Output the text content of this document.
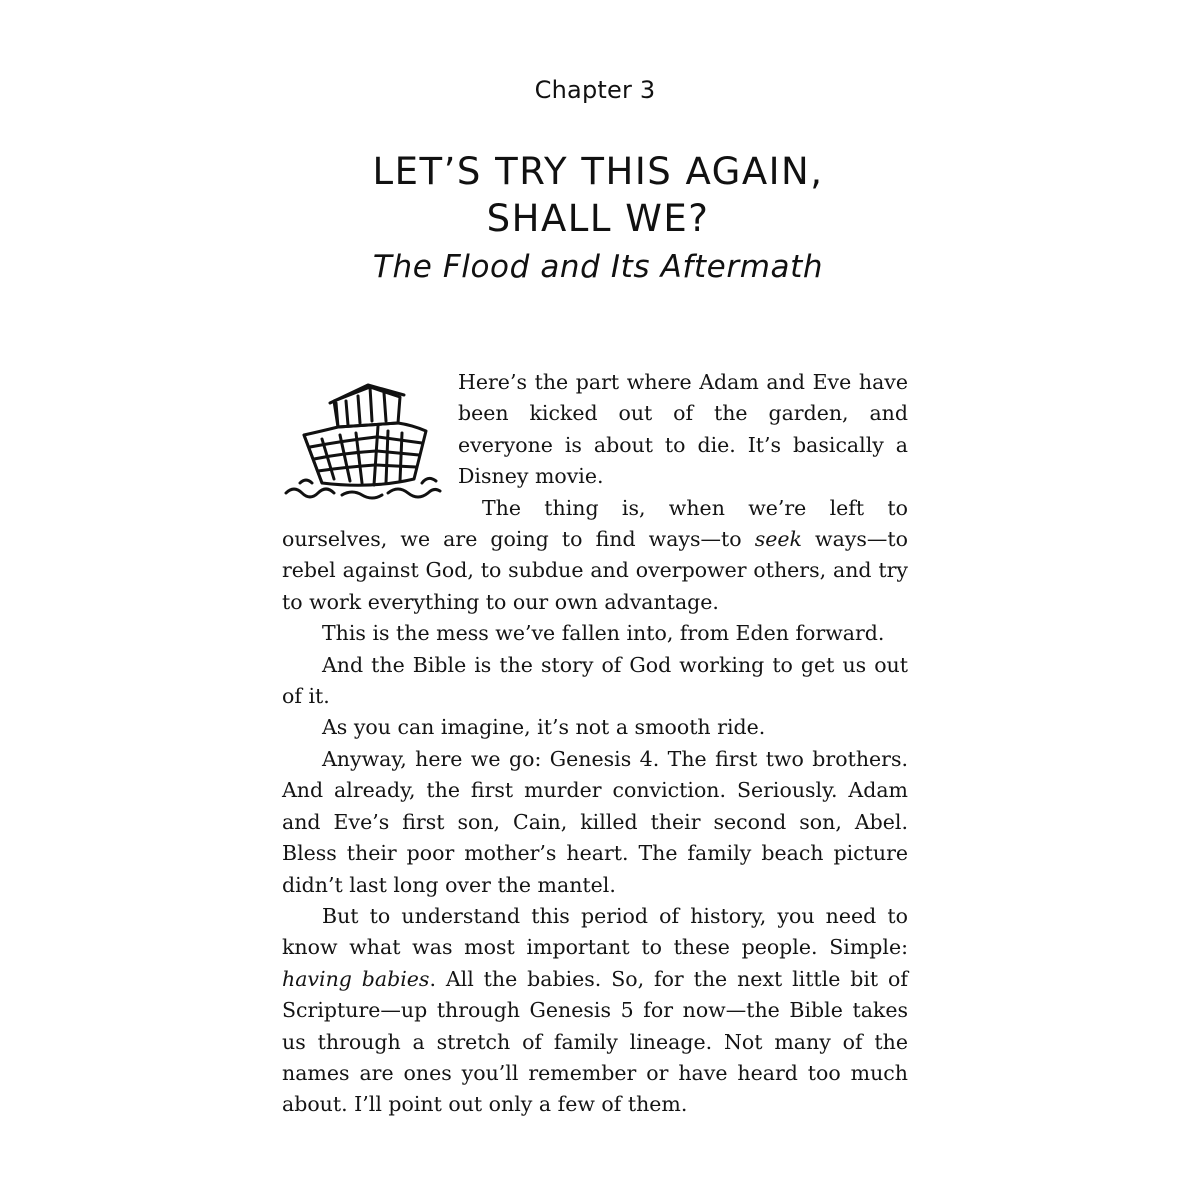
Chapter 3
LET’S TRY THIS AGAIN,
SHALL WE?
The Flood and Its Aftermath

Here’s the part where Adam and Eve have been kicked out of the garden, and everyone is about to die. It’s basically a Disney movie.

The thing is, when we’re left to ourselves, we are going to find ways—to seek ways—to rebel against God, to subdue and overpower others, and try to work everything to our own advantage.

This is the mess we’ve fallen into, from Eden forward.

And the Bible is the story of God working to get us out of it.

As you can imagine, it’s not a smooth ride.

Anyway, here we go: Genesis 4. The first two brothers. And already, the first murder conviction. Seriously. Adam and Eve’s first son, Cain, killed their second son, Abel. Bless their poor mother’s heart. The family beach picture didn’t last long over the mantel.

But to understand this period of history, you need to know what was most important to these people. Simple: having babies. All the babies. So, for the next little bit of Scripture—up through Genesis 5 for now—the Bible takes us through a stretch of family lineage. Not many of the names are ones you’ll remember or have heard too much about. I’ll point out only a few of them.
